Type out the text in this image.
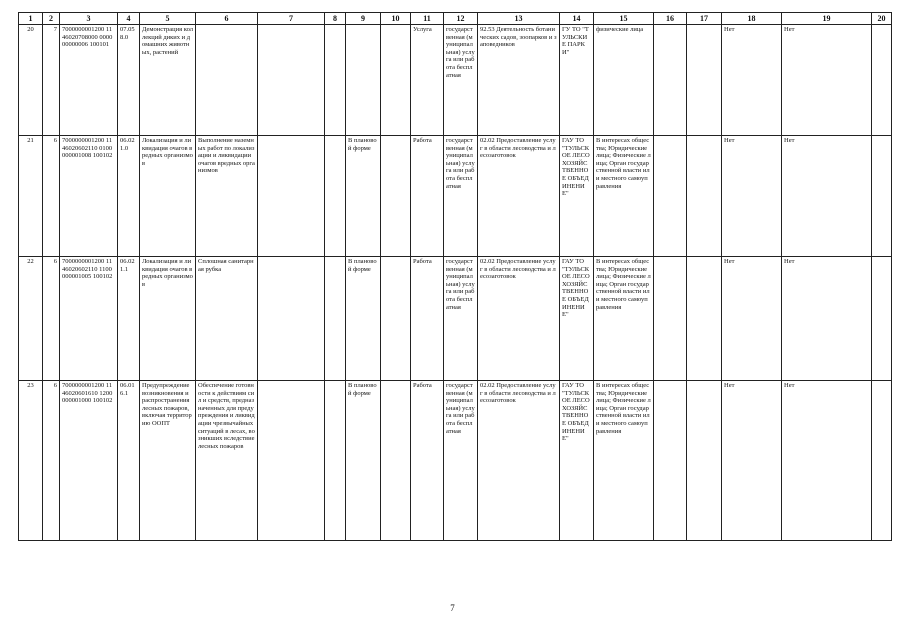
1	2	3	4	5	6	7	8	9	10	11	12	13	14	15	16	17	18	19	20
20	7	7000000001200 1146020708000 000000000006 100101	07.058.0	Демонстрация коллекций диких и домашних животных, растений						Услуга	государственная (муниципальная) услуга или работа бесплатная	92.53 Деятельность ботанических садов, зоопарков и заповедников	ГУ ТО "ТУЛЬСКИЕ ПАРКИ"	физические лица			Нет	Нет	
21	6	7000000001200 1146020602110 0100000001008 100102	06.021.0	Локализация и ликвидация очагов вредных организмов	Выполнение наземных работ по локализации и ликвидации очагов вредных организмов			В плановой форме		Работа	государственная (муниципальная) услуга или работа бесплатная	02.02 Предоставление услуг в области лесоводства и лесозаготовок	ГАУ ТО "ТУЛЬСКОЕ ЛЕСОХОЗЯЙСТВЕННОЕ ОБЪЕДИНЕНИЕ"	В интересах общества; Юридические лица; Физические лица; Орган государственной власти или местного самоуправления			Нет	Нет	
22	6	7000000001200 1146020602110 1100000001005 100102	06.021.1	Локализация и ликвидация очагов вредных организмов	Сплошная санитарная рубка			В плановой форме		Работа	государственная (муниципальная) услуга или работа бесплатная	02.02 Предоставление услуг в области лесоводства и лесозаготовок	ГАУ ТО "ТУЛЬСКОЕ ЛЕСОХОЗЯЙСТВЕННОЕ ОБЪЕДИНЕНИЕ"	В интересах общества; Юридические лица; Физические лица; Орган государственной власти или местного самоуправления			Нет	Нет	
23	6	7000000001200 1146020601610 1200000001000 100102	06.016.1	Предупреждение возникновения и распространения лесных пожаров, включая территорию ООПТ	Обеспечение готовности к действиям сил и средств, предназначенных для предупреждения и ликвидации чрезвычайных ситуаций в лесах, возникших вследствие лесных пожаров			В плановой форме		Работа	государственная (муниципальная) услуга или работа бесплатная	02.02 Предоставление услуг в области лесоводства и лесозаготовок	ГАУ ТО "ТУЛЬСКОЕ ЛЕСОХОЗЯЙСТВЕННОЕ ОБЪЕДИНЕНИЕ"	В интересах общества; Юридические лица; Физические лица; Орган государственной власти или местного самоуправления			Нет	Нет	
7
